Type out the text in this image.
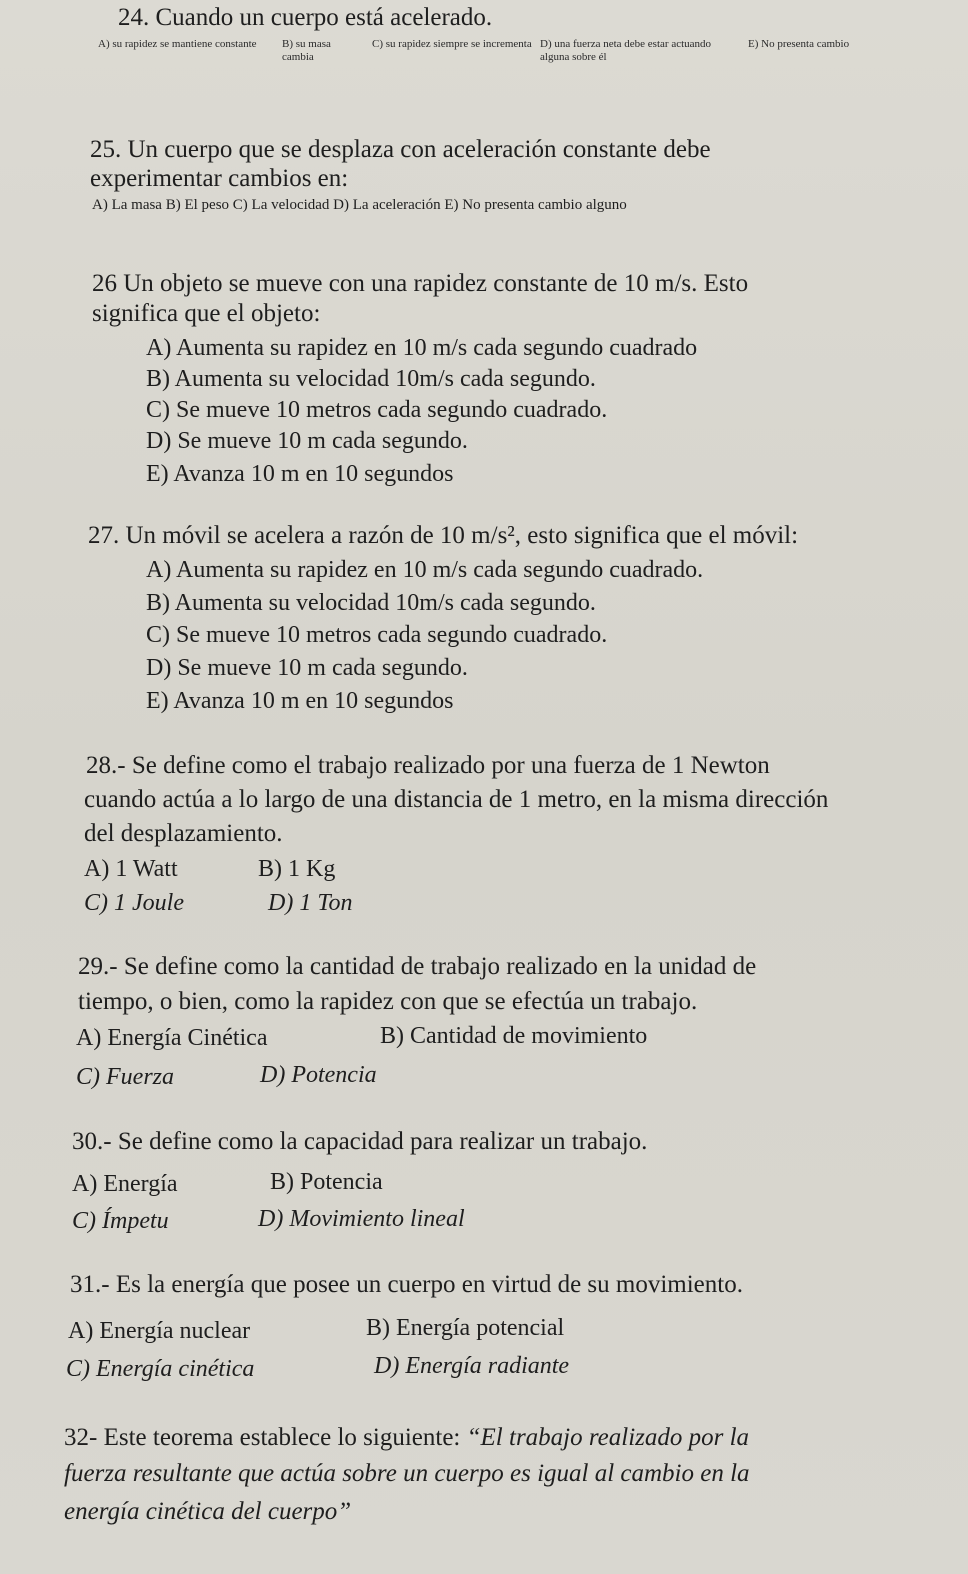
24. Cuando un cuerpo está acelerado.
A) su rapidez se mantiene constante	B) su masa cambia
C) su rapidez siempre se incrementa D) una fuerza neta debe estar actuando alguna sobre él
E) No presenta cambio
25. Un cuerpo que se desplaza con aceleración constante debe
experimentar cambios en:
A) La masa B) El peso C) La velocidad D) La aceleración E) No presenta cambio alguno
26 Un objeto se mueve con una rapidez constante de 10 m/s. Esto
significa que el objeto:
A) Aumenta su rapidez en 10 m/s cada segundo cuadrado
B) Aumenta su velocidad 10m/s cada segundo.
C) Se mueve 10 metros cada segundo cuadrado.
D) Se mueve 10 m cada segundo.
E) Avanza 10 m en 10 segundos
27. Un móvil se acelera a razón de 10 m/s², esto significa que el móvil:
A) Aumenta su rapidez en 10 m/s cada segundo cuadrado.
B) Aumenta su velocidad 10m/s cada segundo.
C) Se mueve 10 metros cada segundo cuadrado.
D) Se mueve 10 m cada segundo.
E) Avanza 10 m en 10 segundos
28.- Se define como el trabajo realizado por una fuerza de 1 Newton
cuando actúa a lo largo de una distancia de 1 metro, en la misma dirección
del desplazamiento.
A) 1 Watt	B) 1 Kg
C) 1 Joule	D) 1 Ton
29.- Se define como la cantidad de trabajo realizado en la unidad de
tiempo, o bien, como la rapidez con que se efectúa un trabajo.
A) Energía Cinética	B) Cantidad de movimiento
C) Fuerza	D) Potencia
30.- Se define como la capacidad para realizar un trabajo.
A) Energía	B) Potencia
C) Ímpetu	D) Movimiento lineal
31.- Es la energía que posee un cuerpo en virtud de su movimiento.
A) Energía nuclear	B) Energía potencial
C) Energía cinética	D) Energía radiante
32- Este teorema establece lo siguiente: “El trabajo realizado por la
fuerza resultante que actúa sobre un cuerpo es igual al cambio en la
energía cinética del cuerpo”
